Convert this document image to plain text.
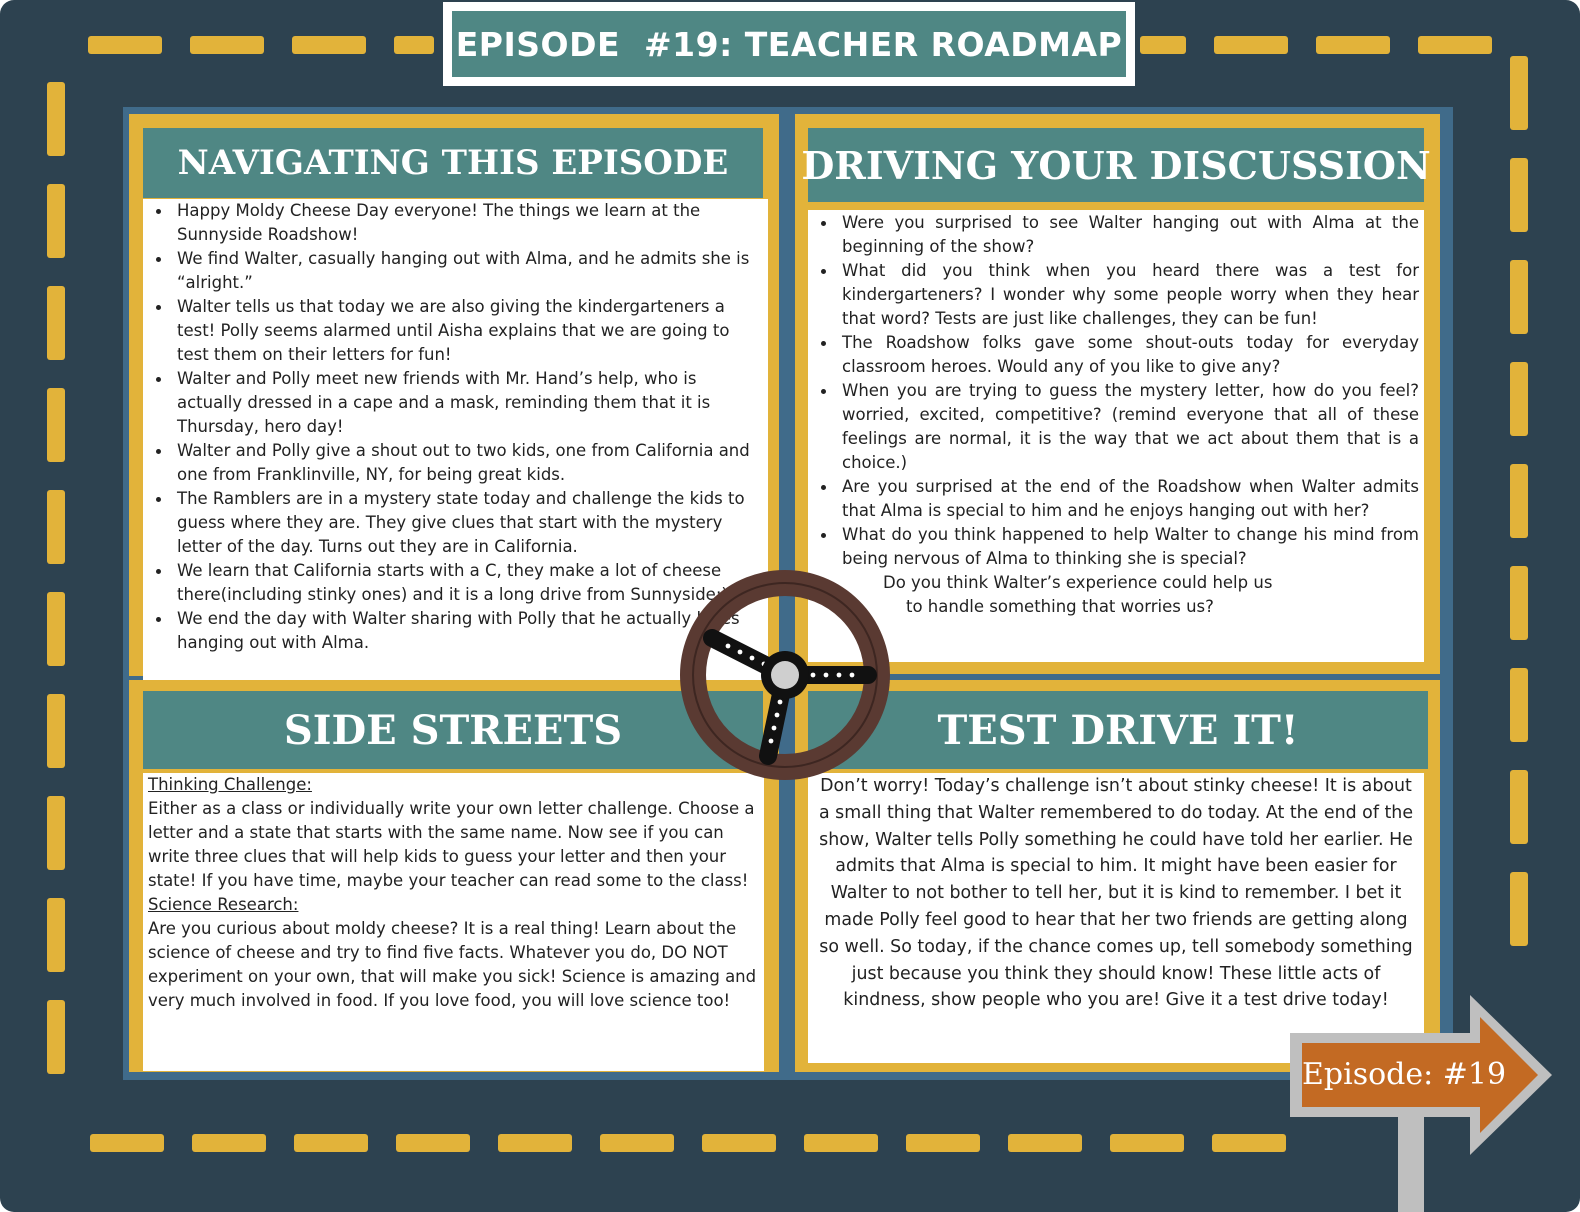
EPISODE  #19: TEACHER ROADMAP
NAVIGATING THIS EPISODE
Happy Moldy Cheese Day everyone! The things we learn at the Sunnyside Roadshow!
We find Walter, casually hanging out with Alma, and he admits she is “alright.”
Walter tells us that today we are also giving the kindergarteners a test! Polly seems alarmed until Aisha explains that we are going to test them on their letters for fun!
Walter and Polly meet new friends with Mr. Hand’s help, who is actually dressed in a cape and a mask, reminding them that it is Thursday, hero day!
Walter and Polly give a shout out to two kids, one from California and one from Franklinville, NY, for being great kids.
The Ramblers are in a mystery state today and challenge the kids to guess where they are. They give clues that start with the mystery letter of the day. Turns out they are in California.
We learn that California starts with a C, they make a lot of cheese there(including stinky ones) and it is a long drive from Sunnyside:)
We end the day with Walter sharing with Polly that he actually loves hanging out with Alma.
DRIVING YOUR DISCUSSION
Were you surprised to see Walter hanging out with Alma at the beginning of the show?
What did you think when you heard there was a test for kindergarteners? I wonder why some people worry when they hear that word? Tests are just like challenges, they can be fun!
The Roadshow folks gave some shout-outs today for everyday classroom heroes. Would any of you like to give any?
When you are trying to guess the mystery letter, how do you feel? worried, excited, competitive? (remind everyone that all of these feelings are normal, it is the way that we act about them that is a choice.)
Are you surprised at the end of the Roadshow when Walter admits that Alma is special to him and he enjoys hanging out with her?
What do you think happened to help Walter to change his mind from being nervous of Alma to thinking she is special?
Do you think Walter’s experience could help us
to handle something that worries us?
SIDE STREETS
Thinking Challenge:
Either as a class or individually write your own letter challenge. Choose a letter and a state that starts with the same name. Now see if you can write three clues that will help kids to guess your letter and then your state! If you have time, maybe your teacher can read some to the class!
Science Research:
Are you curious about moldy cheese? It is a real thing! Learn about the science of cheese and try to find five facts. Whatever you do, DO NOT experiment on your own, that will make you sick! Science is amazing and very much involved in food. If you love food, you will love science too!
TEST DRIVE IT!
Don’t worry! Today’s challenge isn’t about stinky cheese! It is about a small thing that Walter remembered to do today. At the end of the show, Walter tells Polly something he could have told her earlier. He admits that Alma is special to him. It might have been easier for Walter to not bother to tell her, but it is kind to remember. I bet it made Polly feel good to hear that her two friends are getting along so well. So today, if the chance comes up, tell somebody something just because you think they should know! These little acts of kindness, show people who you are! Give it a test drive today!
Episode: #19
